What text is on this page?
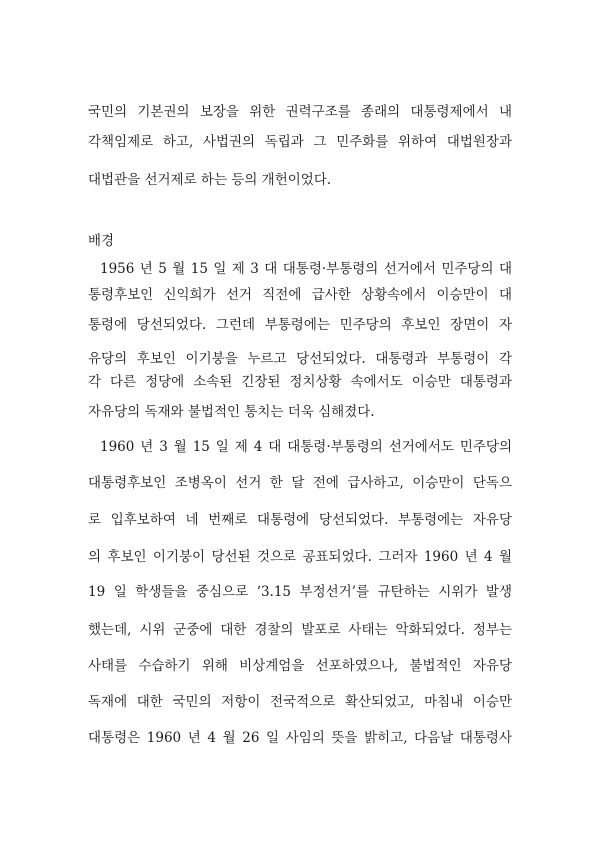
국민의 기본권의 보장을 위한 권력구조를 종래의 대통령제에서 내
각책임제로 하고, 사법권의 독립과 그 민주화를 위하여 대법원장과
대법관을 선거제로 하는 등의 개헌이었다.
배경
1956 년 5 월 15 일 제 3 대 대통령·부통령의 선거에서 민주당의 대
통령후보인 신익희가 선거 직전에 급사한 상황속에서 이승만이 대
통령에 당선되었다. 그런데 부통령에는 민주당의 후보인 장면이 자
유당의 후보인 이기붕을 누르고 당선되었다. 대통령과 부통령이 각
각 다른 정당에 소속된 긴장된 정치상황 속에서도 이승만 대통령과
자유당의 독재와 불법적인 통치는 더욱 심해졌다.
1960 년 3 월 15 일 제 4 대 대통령·부통령의 선거에서도 민주당의
대통령후보인 조병옥이 선거 한 달 전에 급사하고, 이승만이 단독으
로 입후보하여 네 번째로 대통령에 당선되었다. 부통령에는 자유당
의 후보인 이기붕이 당선된 것으로 공표되었다. 그러자 1960 년 4 월
19 일 학생들을 중심으로 ‘3.15 부정선거’를 규탄하는 시위가 발생
했는데, 시위 군중에 대한 경찰의 발포로 사태는 악화되었다. 정부는
사태를 수습하기 위해 비상계엄을 선포하였으나, 불법적인 자유당
독재에 대한 국민의 저항이 전국적으로 확산되었고, 마침내 이승만
대통령은 1960 년 4 월 26 일 사임의 뜻을 밝히고, 다음날 대통령사
